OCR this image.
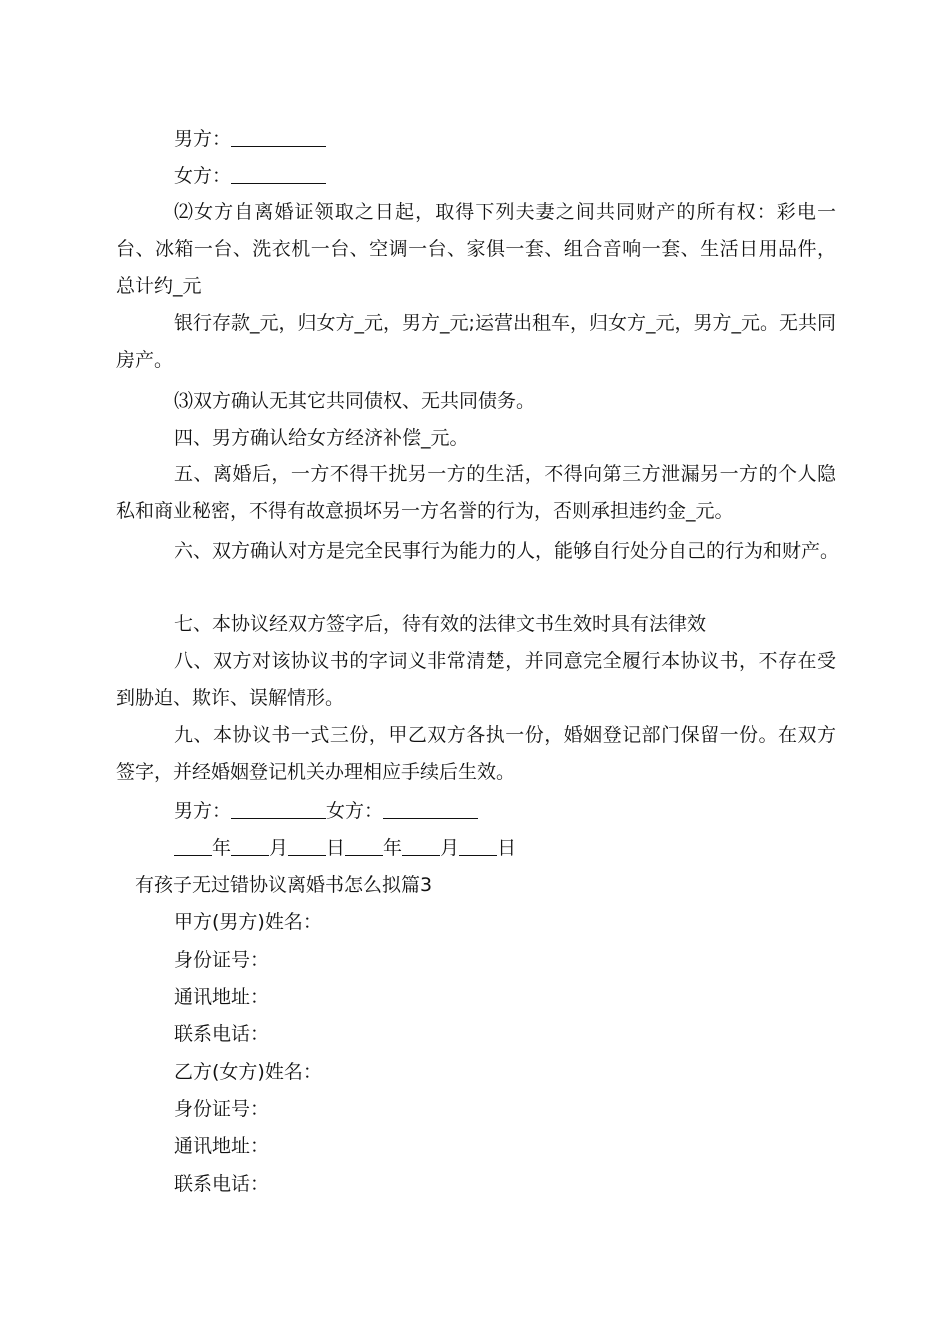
男方：
女方：
⑵女方自离婚证领取之日起，取得下列夫妻之间共同财产的所有权：彩电一台、冰箱一台、洗衣机一台、空调一台、家俱一套、组合音响一套、生活日用品件，总计约_元
银行存款_元，归女方_元，男方_元;运营出租车，归女方_元，男方_元。无共同房产。
⑶双方确认无其它共同债权、无共同债务。
四、男方确认给女方经济补偿_元。
五、离婚后，一方不得干扰另一方的生活，不得向第三方泄漏另一方的个人隐私和商业秘密，不得有故意损坏另一方名誉的行为，否则承担违约金_元。
六、双方确认对方是完全民事行为能力的人，能够自行处分自己的行为和财产。
七、本协议经双方签字后，待有效的法律文书生效时具有法律效
八、双方对该协议书的字词义非常清楚，并同意完全履行本协议书，不存在受到胁迫、欺诈、误解情形。
九、本协议书一式三份，甲乙双方各执一份，婚姻登记部门保留一份。在双方签字，并经婚姻登记机关办理相应手续后生效。
男方：	女方：
年 月 日 年 月 日
有孩子无过错协议离婚书怎么拟篇3
甲方(男方)姓名：
身份证号：
通讯地址：
联系电话：
乙方(女方)姓名：
身份证号：
通讯地址：
联系电话：
